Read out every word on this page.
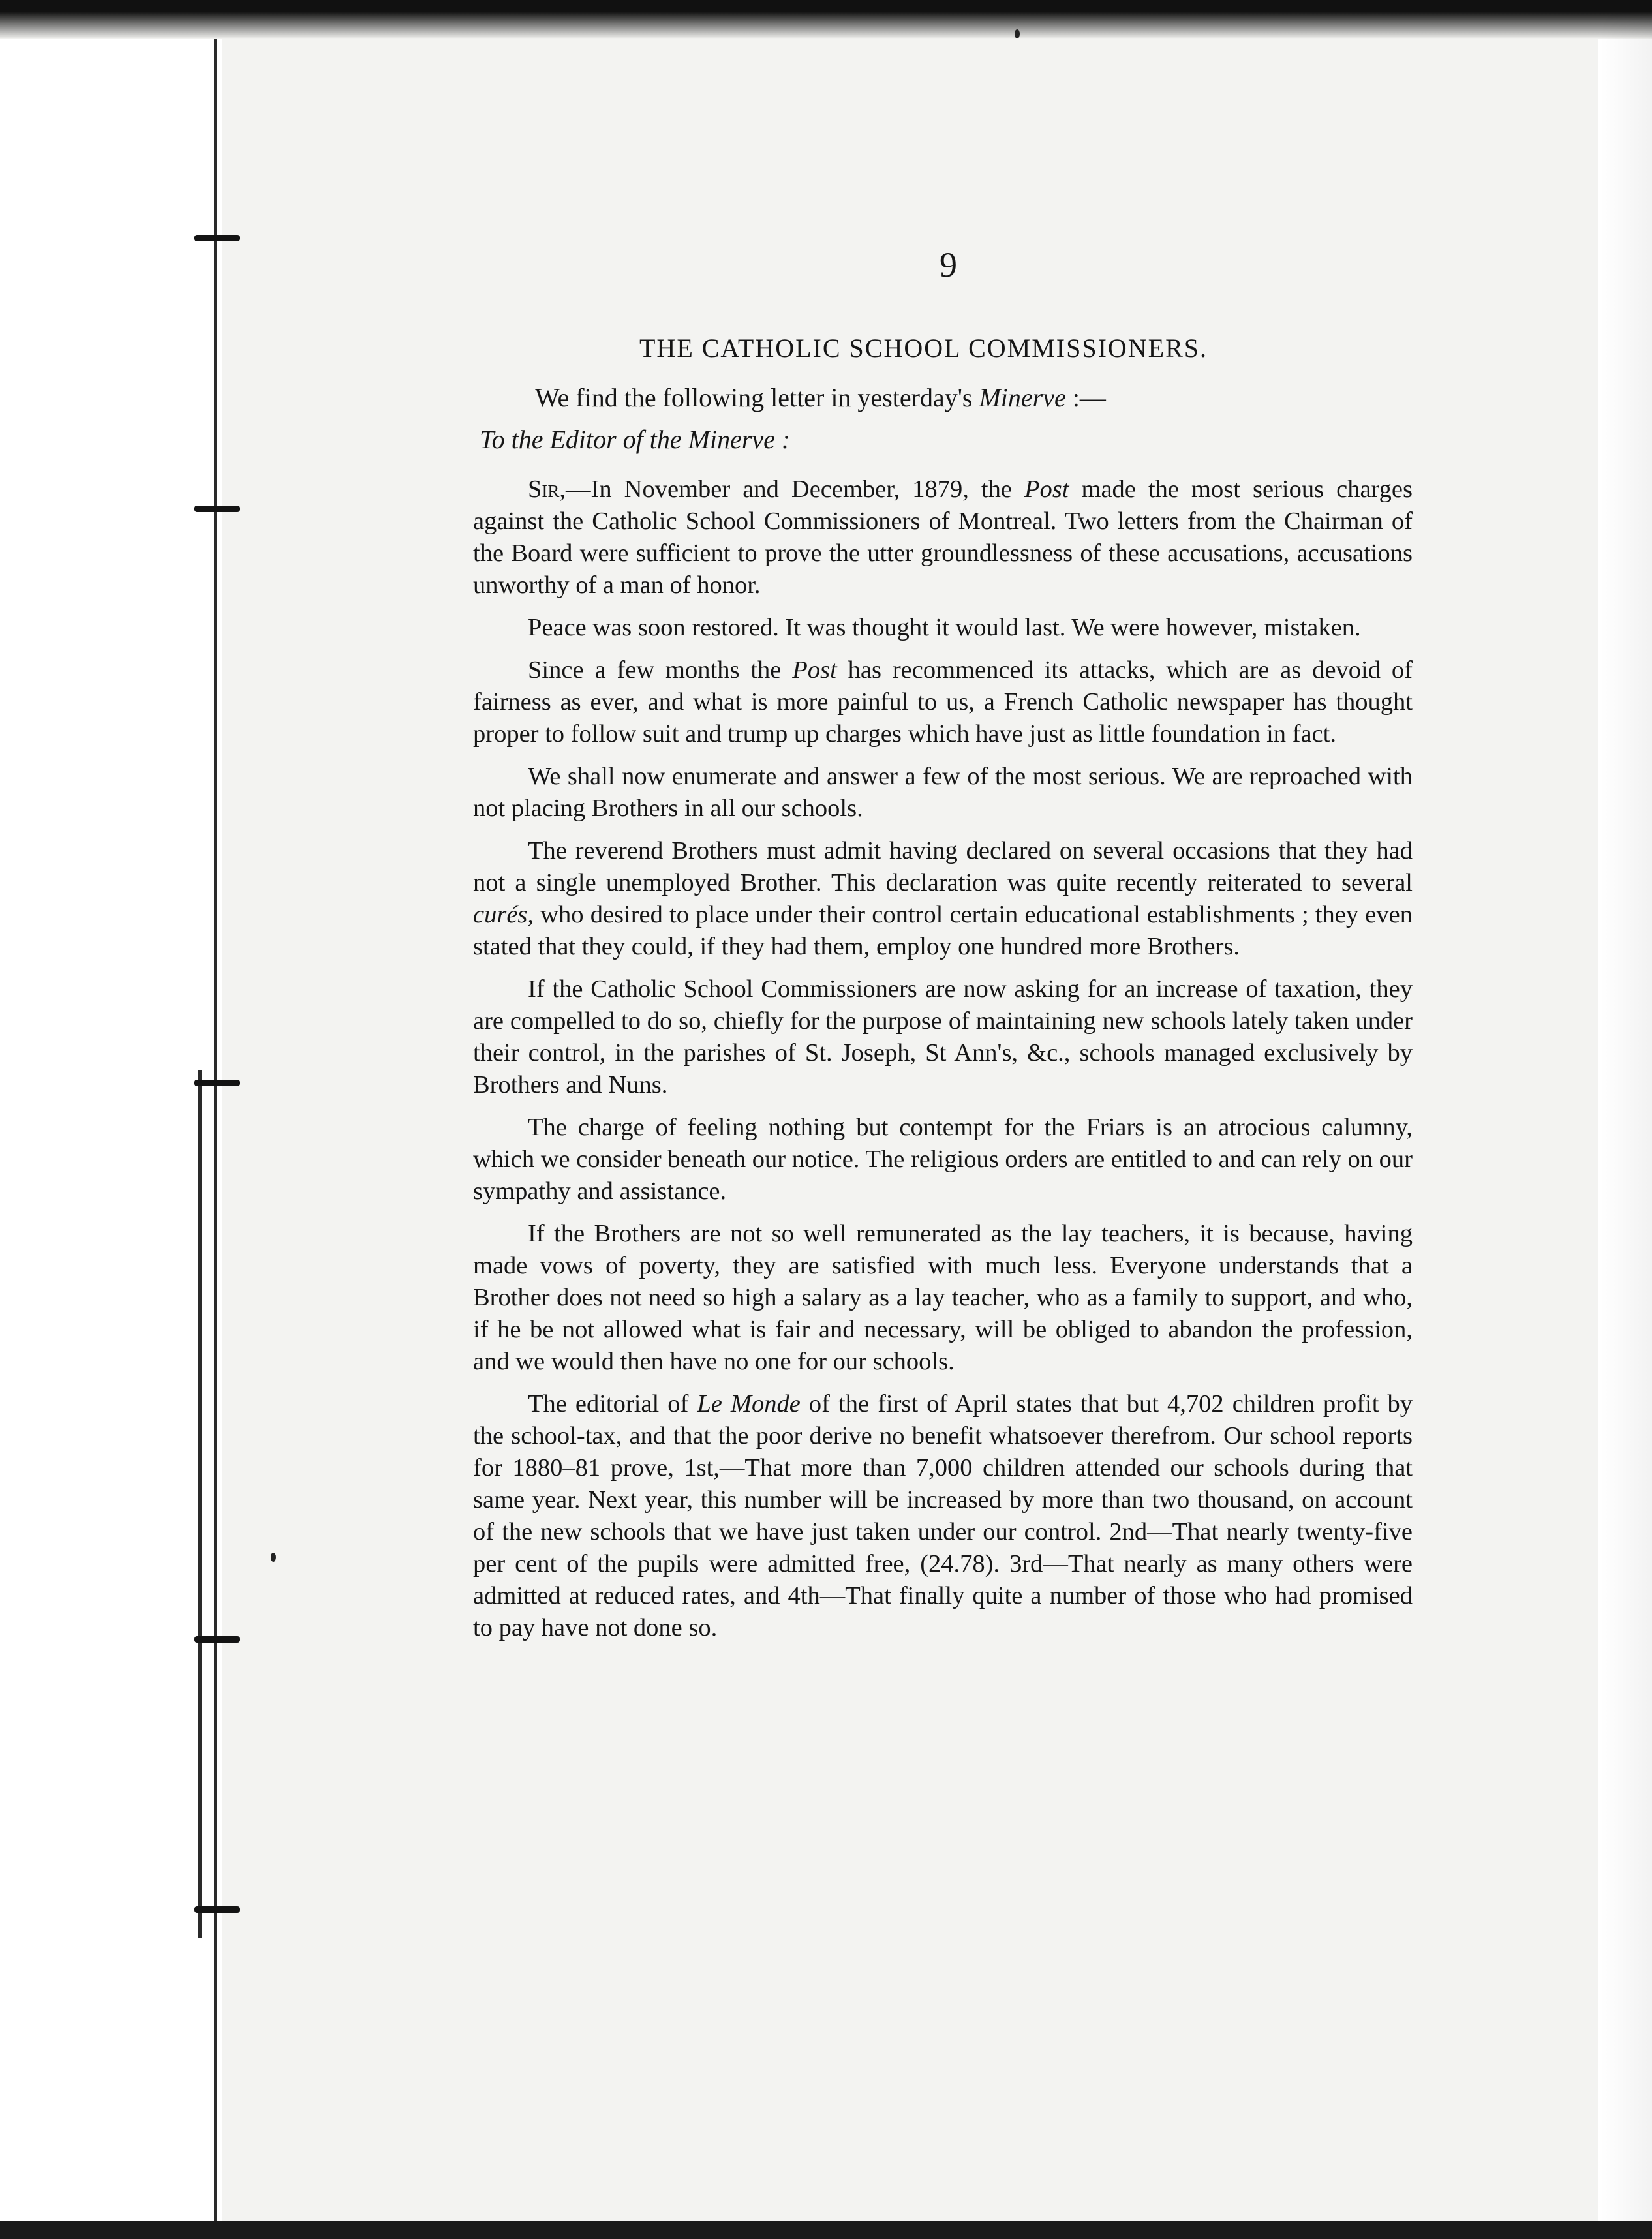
9
THE CATHOLIC SCHOOL COMMISSIONERS.

We find the following letter in yesterday's Minerve :—

To the Editor of the Minerve :

Sir,—In November and December, 1879, the Post made the most serious charges against the Catholic School Commissioners of Montreal. Two letters from the Chairman of the Board were sufficient to prove the utter groundlessness of these accusations, accusations unworthy of a man of honor.

Peace was soon restored. It was thought it would last. We were however, mistaken.

Since a few months the Post has recommenced its attacks, which are as devoid of fairness as ever, and what is more painful to us, a French Catholic newspaper has thought proper to follow suit and trump up charges which have just as little foundation in fact.

We shall now enumerate and answer a few of the most serious. We are reproached with not placing Brothers in all our schools.

The reverend Brothers must admit having declared on several occasions that they had not a single unemployed Brother. This declaration was quite recently reiterated to several curés, who desired to place under their control certain educational establishments ; they even stated that they could, if they had them, employ one hundred more Brothers.

If the Catholic School Commissioners are now asking for an increase of taxation, they are compelled to do so, chiefly for the purpose of maintaining new schools lately taken under their control, in the parishes of St. Joseph, St Ann's, &c., schools managed exclusively by Brothers and Nuns.

The charge of feeling nothing but contempt for the Friars is an atrocious calumny, which we consider beneath our notice. The religious orders are entitled to and can rely on our sympathy and assistance.

If the Brothers are not so well remunerated as the lay teachers, it is because, having made vows of poverty, they are satisfied with much less. Everyone understands that a Brother does not need so high a salary as a lay teacher, who as a family to support, and who, if he be not allowed what is fair and necessary, will be obliged to abandon the profession, and we would then have no one for our schools.

The editorial of Le Monde of the first of April states that but 4,702 children profit by the school-tax, and that the poor derive no benefit whatsoever therefrom. Our school reports for 1880–81 prove, 1st,—That more than 7,000 children attended our schools during that same year. Next year, this number will be increased by more than two thousand, on account of the new schools that we have just taken under our control. 2nd—That nearly twenty-five per cent of the pupils were admitted free, (24.78). 3rd—That nearly as many others were admitted at reduced rates, and 4th—That finally quite a number of those who had promised to pay have not done so.
